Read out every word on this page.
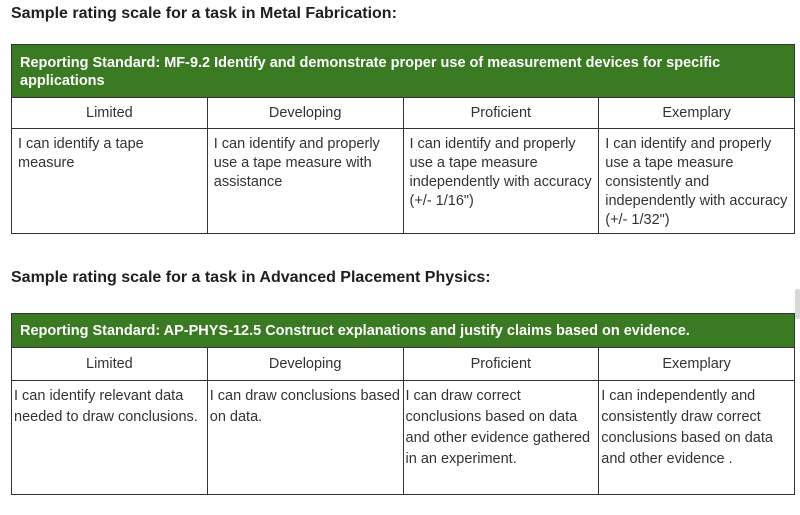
Sample rating scale for a task in Metal Fabrication:
Reporting Standard: MF-9.2 Identify and demonstrate proper use of measurement devices for specific applications			
Limited	Developing	Proficient	Exemplary
I can identify a tape measure	I can identify and properly use a tape measure with assistance	I can identify and properly use a tape measure independently with accuracy (+/- 1/16")	I can identify and properly use a tape measure consistently and independently with accuracy (+/- 1/32")
Sample rating scale for a task in Advanced Placement Physics:
Reporting Standard: AP-PHYS-12.5 Construct explanations and justify claims based on evidence.			
Limited	Developing	Proficient	Exemplary
I can identify relevant data needed to draw conclusions.	I can draw conclusions based on data.	I can draw correct conclusions based on data and other evidence gathered in an experiment.	I can independently and consistently draw correct conclusions based on data and other evidence .
